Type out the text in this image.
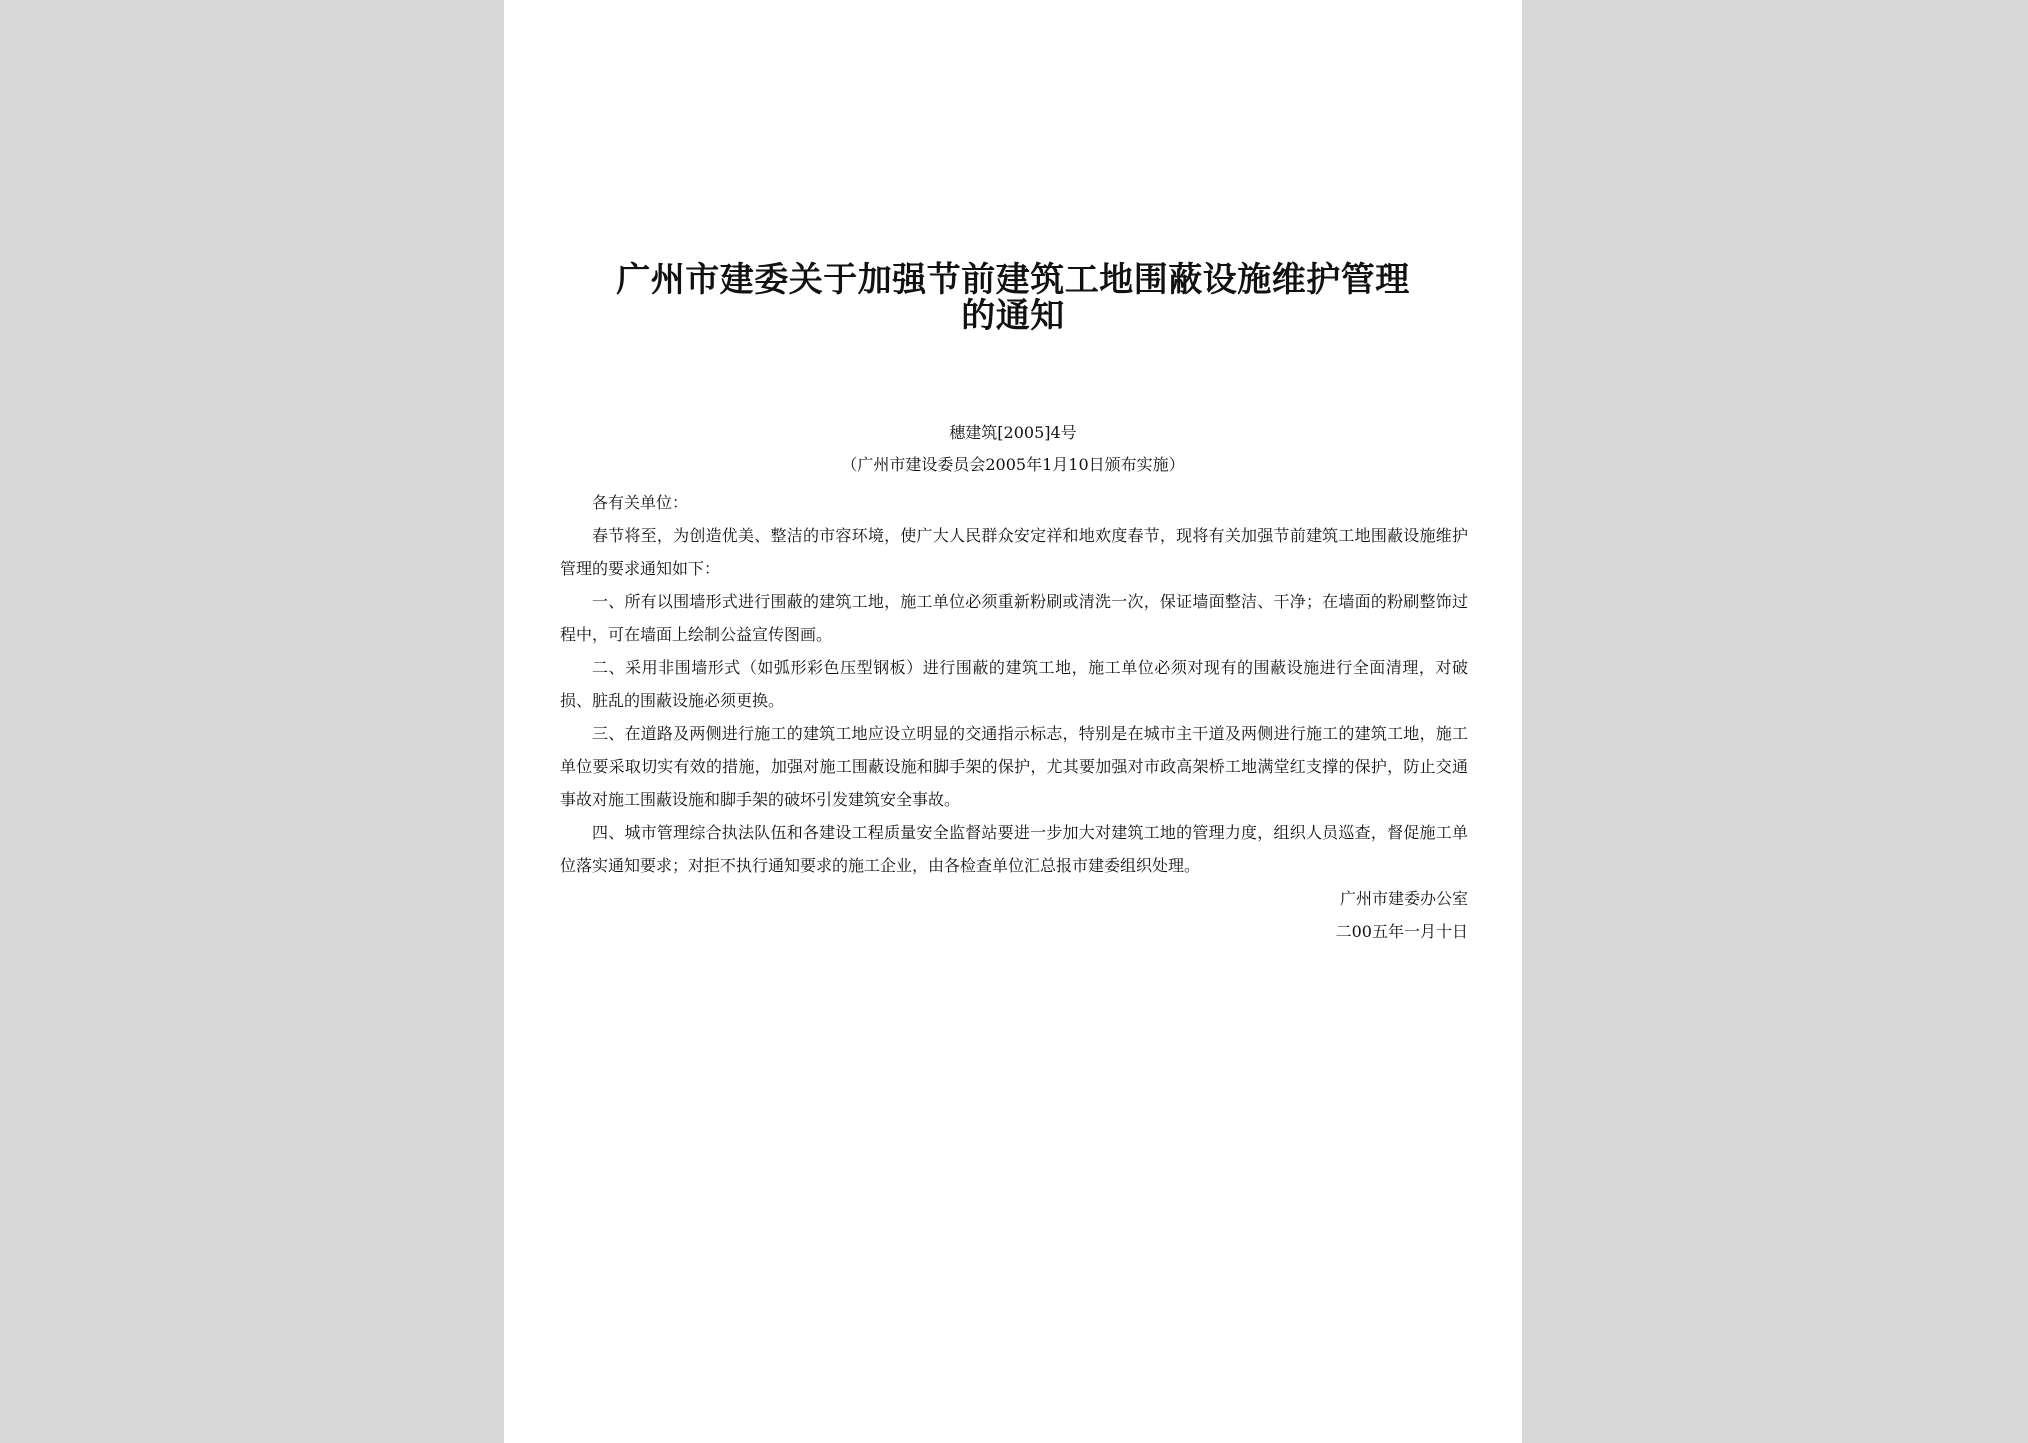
广州市建委关于加强节前建筑工地围蔽设施维护管理
的通知
穗建筑[2005]4号
（广州市建设委员会2005年1月10日颁布实施）

各有关单位：

春节将至，为创造优美、整洁的市容环境，使广大人民群众安定祥和地欢度春节，现将有关加强节前建筑工地围蔽设施维护管理的要求通知如下：

一、所有以围墙形式进行围蔽的建筑工地，施工单位必须重新粉刷或清洗一次，保证墙面整洁、干净；在墙面的粉刷整饰过程中，可在墙面上绘制公益宣传图画。

二、采用非围墙形式（如弧形彩色压型钢板）进行围蔽的建筑工地，施工单位必须对现有的围蔽设施进行全面清理，对破损、脏乱的围蔽设施必须更换。

三、在道路及两侧进行施工的建筑工地应设立明显的交通指示标志，特别是在城市主干道及两侧进行施工的建筑工地，施工单位要采取切实有效的措施，加强对施工围蔽设施和脚手架的保护，尤其要加强对市政高架桥工地满堂红支撑的保护，防止交通事故对施工围蔽设施和脚手架的破坏引发建筑安全事故。

四、城市管理综合执法队伍和各建设工程质量安全监督站要进一步加大对建筑工地的管理力度，组织人员巡查，督促施工单位落实通知要求；对拒不执行通知要求的施工企业，由各检查单位汇总报市建委组织处理。

广州市建委办公室

二00五年一月十日
